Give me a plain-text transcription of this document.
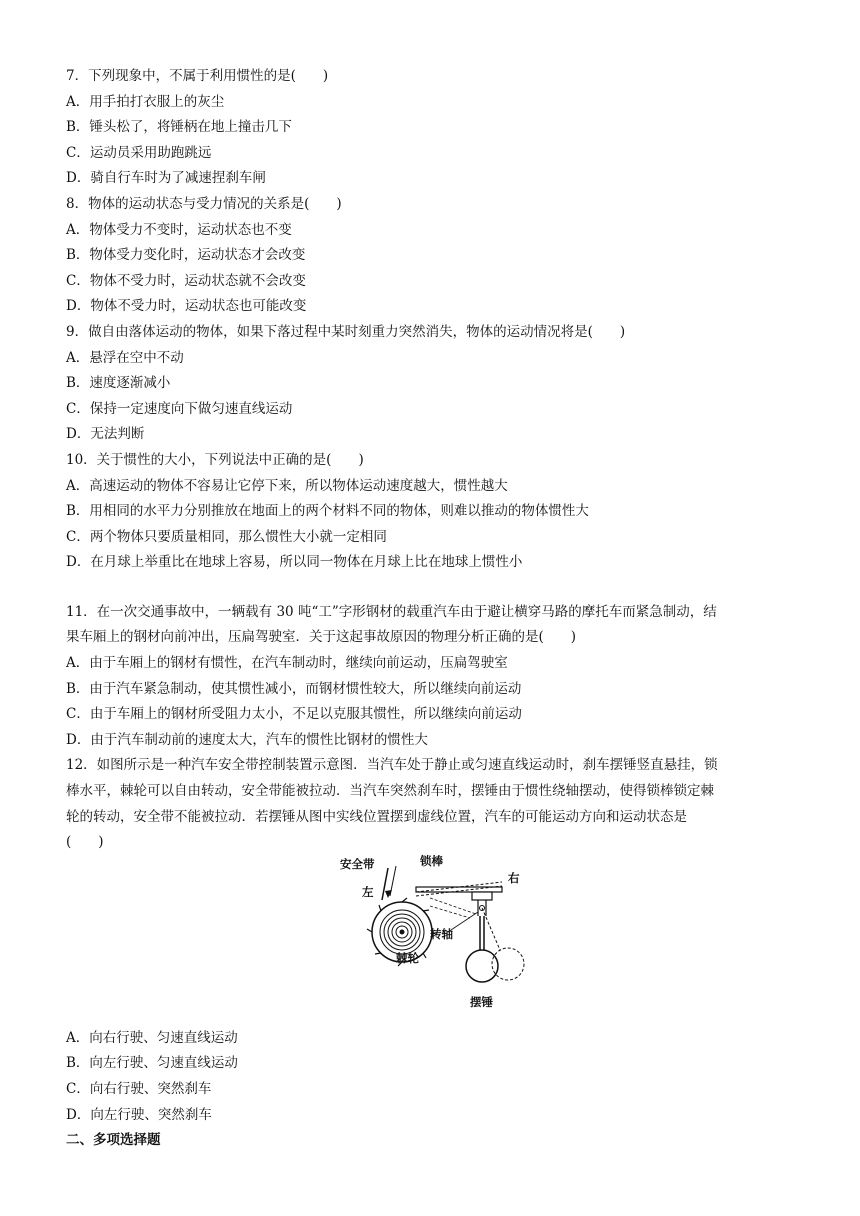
7．下列现象中，不属于利用惯性的是(　　)
A．用手拍打衣服上的灰尘
B．锤头松了，将锤柄在地上撞击几下
C．运动员采用助跑跳远
D．骑自行车时为了减速捏刹车闸
8．物体的运动状态与受力情况的关系是(　　)
A．物体受力不变时，运动状态也不变
B．物体受力变化时，运动状态才会改变
C．物体不受力时，运动状态就不会改变
D．物体不受力时，运动状态也可能改变
9．做自由落体运动的物体，如果下落过程中某时刻重力突然消失，物体的运动情况将是(　　)
A．悬浮在空中不动
B．速度逐渐减小
C．保持一定速度向下做匀速直线运动
D．无法判断
10．关于惯性的大小，下列说法中正确的是(　　)
A．高速运动的物体不容易让它停下来，所以物体运动速度越大，惯性越大
B．用相同的水平力分别推放在地面上的两个材料不同的物体，则难以推动的物体惯性大
C．两个物体只要质量相同，那么惯性大小就一定相同
D．在月球上举重比在地球上容易，所以同一物体在月球上比在地球上惯性小
11．在一次交通事故中，一辆载有 30 吨“工”字形钢材的载重汽车由于避让横穿马路的摩托车而紧急制动，结
果车厢上的钢材向前冲出，压扁驾驶室．关于这起事故原因的物理分析正确的是(　　)
A．由于车厢上的钢材有惯性，在汽车制动时，继续向前运动，压扁驾驶室
B．由于汽车紧急制动，使其惯性减小，而钢材惯性较大，所以继续向前运动
C．由于车厢上的钢材所受阻力太小，不足以克服其惯性，所以继续向前运动
D．由于汽车制动前的速度太大，汽车的惯性比钢材的惯性大
12．如图所示是一种汽车安全带控制装置示意图．当汽车处于静止或匀速直线运动时，刹车摆锤竖直悬挂，锁
棒水平，棘轮可以自由转动，安全带能被拉动．当汽车突然刹车时，摆锤由于惯性绕轴摆动，使得锁棒锁定棘
轮的转动，安全带不能被拉动．若摆锤从图中实线位置摆到虚线位置，汽车的可能运动方向和运动状态是
(　　)
安全带	锁棒
左
右
转轴
棘轮
摆锤
A．向右行驶、匀速直线运动
B．向左行驶、匀速直线运动
C．向右行驶、突然刹车
D．向左行驶、突然刹车
二、多项选择题
